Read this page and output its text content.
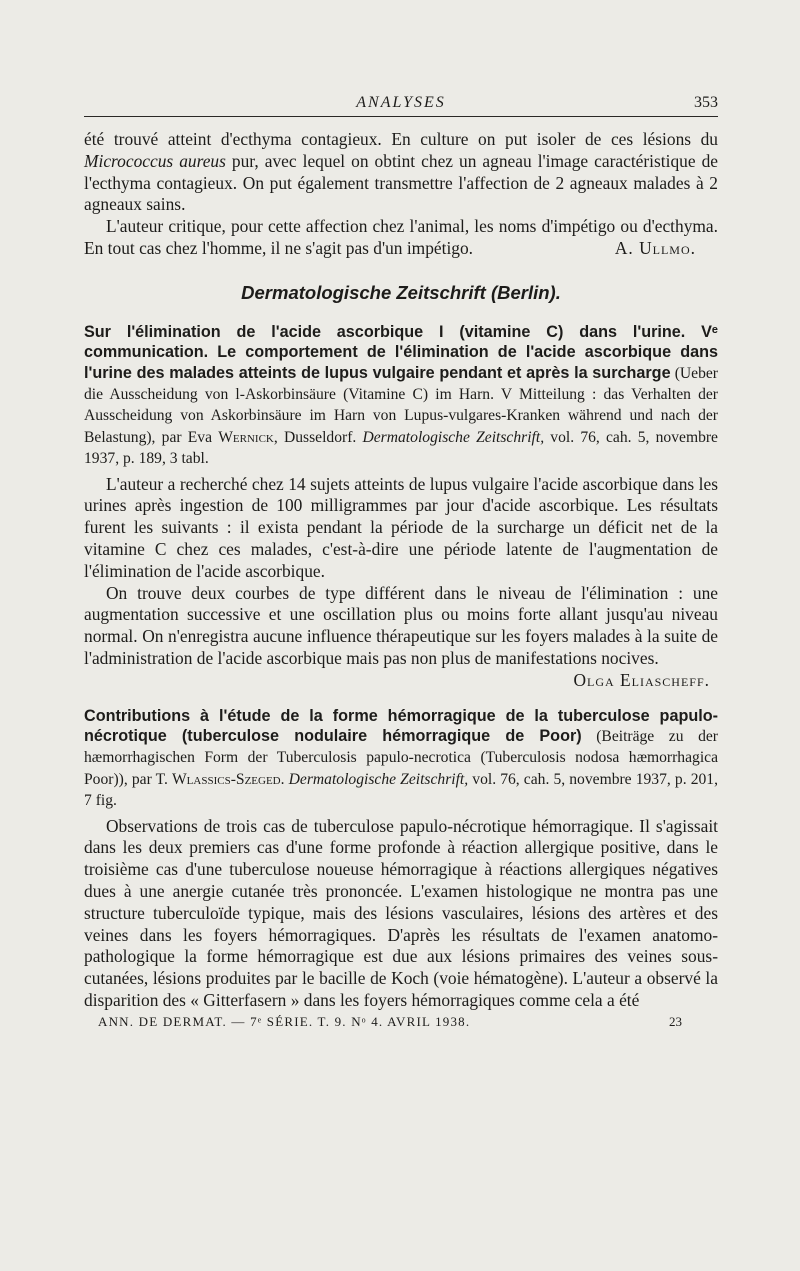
ANALYSES	353

été trouvé atteint d'ecthyma contagieux. En culture on put isoler de ces lésions du Micrococcus aureus pur, avec lequel on obtint chez un agneau l'image caractéristique de l'ecthyma contagieux. On put également transmettre l'affection de 2 agneaux malades à 2 agneaux sains.

L'auteur critique, pour cette affection chez l'animal, les noms d'impétigo ou d'ecthyma. En tout cas chez l'homme, il ne s'agit pas d'un impétigo.	A. Ullmo.

Dermatologische Zeitschrift (Berlin).
Sur l'élimination de l'acide ascorbique I (vitamine C) dans l'urine. Vᵉ communication. Le comportement de l'élimination de l'acide ascorbique dans l'urine des malades atteints de lupus vulgaire pendant et après la surcharge (Ueber die Ausscheidung von l-Askorbinsäure (Vitamine C) im Harn. V Mitteilung : das Verhalten der Ausscheidung von Askorbinsäure im Harn von Lupus-vulgares-Kranken während und nach der Belastung), par Eva Wernick, Dusseldorf. Dermatologische Zeitschrift, vol. 76, cah. 5, novembre 1937, p. 189, 3 tabl.

L'auteur a recherché chez 14 sujets atteints de lupus vulgaire l'acide ascorbique dans les urines après ingestion de 100 milligrammes par jour d'acide ascorbique. Les résultats furent les suivants : il exista pendant la période de la surcharge un déficit net de la vitamine C chez ces malades, c'est-à-dire une période latente de l'augmentation de l'élimination de l'acide ascorbique.

On trouve deux courbes de type différent dans le niveau de l'élimination : une augmentation successive et une oscillation plus ou moins forte allant jusqu'au niveau normal. On n'enregistra aucune influence thérapeutique sur les foyers malades à la suite de l'administration de l'acide ascorbique mais pas non plus de manifestations nocives.

Olga Eliascheff.

Contributions à l'étude de la forme hémorragique de la tuberculose papulo-nécrotique (tuberculose nodulaire hémorragique de Poor) (Beiträge zu der hæmorrhagischen Form der Tuberculosis papulo-necrotica (Tuberculosis nodosa hæmorrhagica Poor)), par T. Wlassics-Szeged. Dermatologische Zeitschrift, vol. 76, cah. 5, novembre 1937, p. 201, 7 fig.

Observations de trois cas de tuberculose papulo-nécrotique hémorragique. Il s'agissait dans les deux premiers cas d'une forme profonde à réaction allergique positive, dans le troisième cas d'une tuberculose noueuse hémorragique à réactions allergiques négatives dues à une anergie cutanée très prononcée. L'examen histologique ne montra pas une structure tuberculoïde typique, mais des lésions vasculaires, lésions des artères et des veines dans les foyers hémorragiques. D'après les résultats de l'examen anatomo-pathologique la forme hémorragique est due aux lésions primaires des veines sous-cutanées, lésions produites par le bacille de Koch (voie hématogène). L'auteur a observé la disparition des « Gitterfasern » dans les foyers hémorragiques comme cela a été

ANN. DE DERMAT. — 7ᵉ SÉRIE. T. 9. Nᵒ 4. AVRIL 1938.	23
